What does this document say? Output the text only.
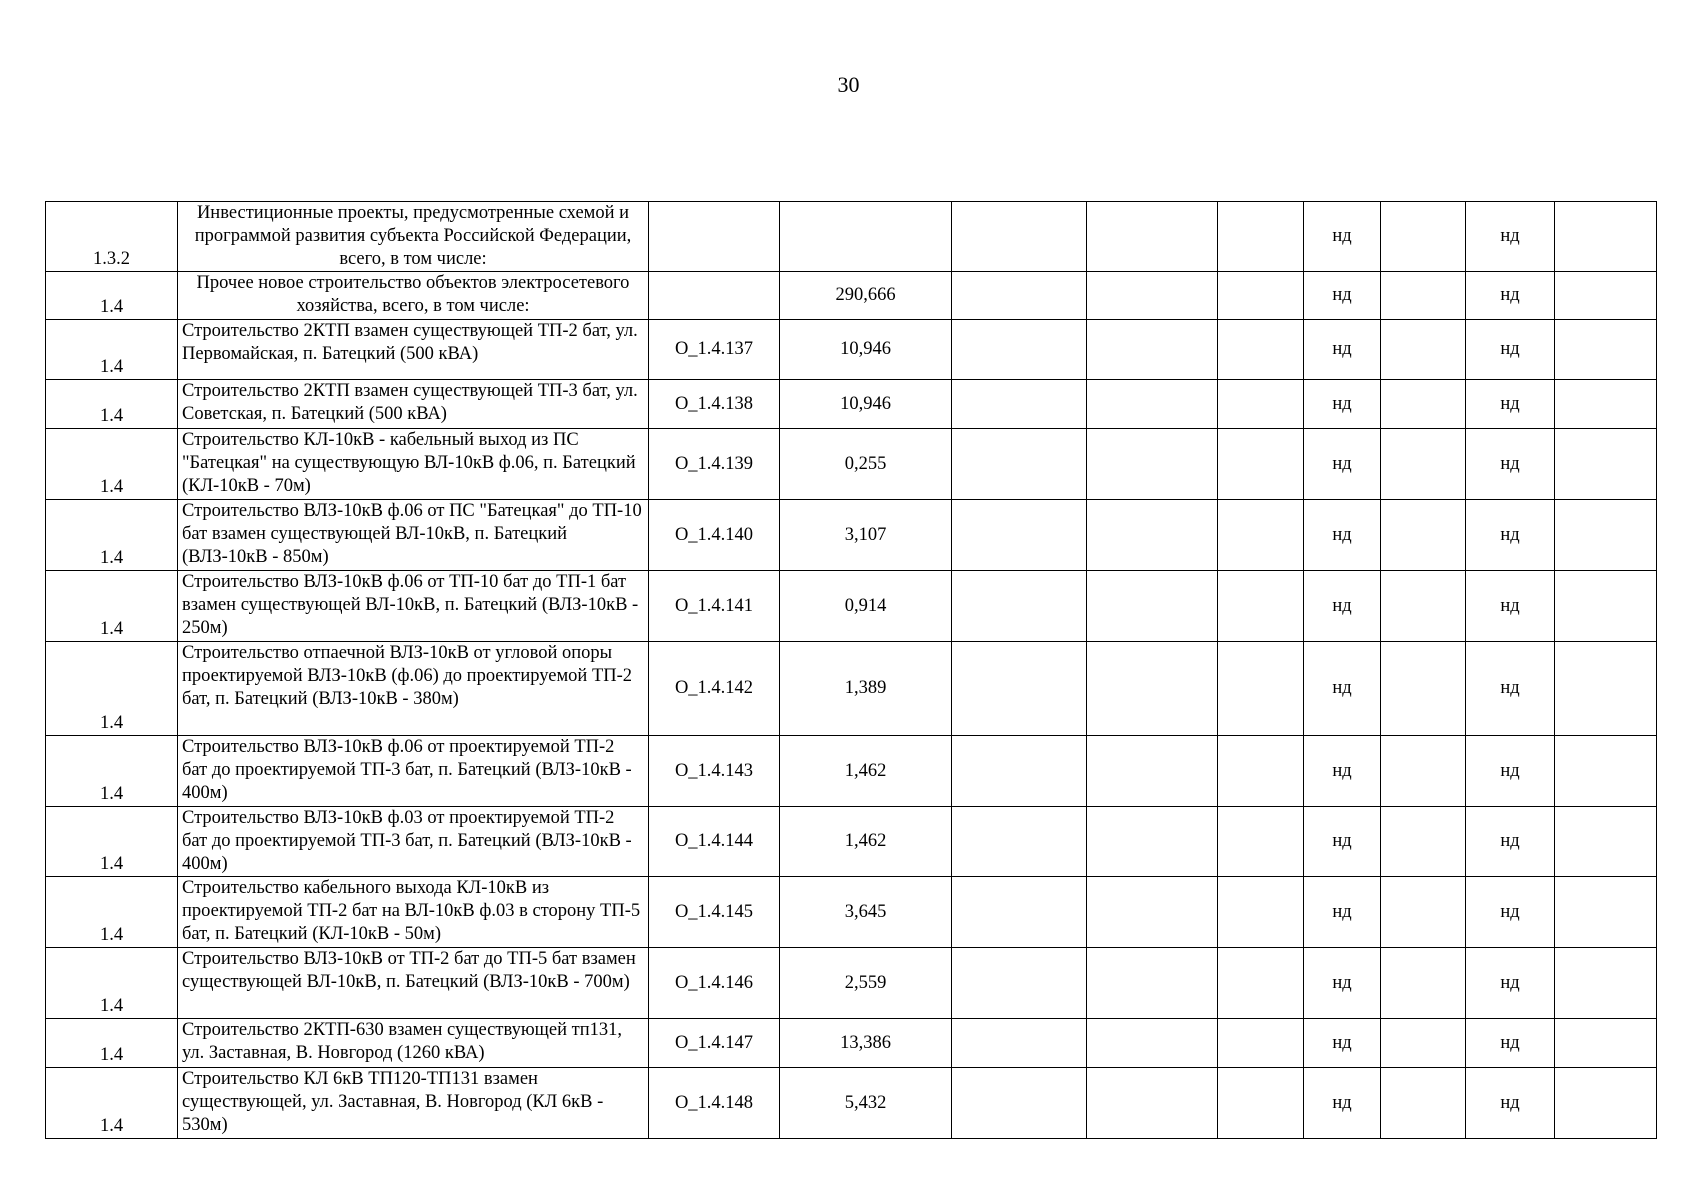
30
1.3.2	Инвестиционные проекты, предусмотренные схемой и программой развития субъекта Российской Федерации, всего, в том числе:						нд		нд	
1.4	Прочее новое строительство объектов электросетевого хозяйства, всего, в том числе:		290,666				нд		нд	
1.4	Строительство 2КТП взамен существующей ТП-2 бат, ул. Первомайская, п. Батецкий (500 кВА)	О_1.4.137	10,946				нд		нд	
1.4	Строительство 2КТП взамен существующей ТП-3 бат, ул. Советская, п. Батецкий (500 кВА)	О_1.4.138	10,946				нд		нд	
1.4	Строительство КЛ-10кВ - кабельный выход из ПС "Батецкая" на существующую ВЛ-10кВ ф.06, п. Батецкий (КЛ-10кВ - 70м)	О_1.4.139	0,255				нд		нд	
1.4	Строительство ВЛЗ-10кВ ф.06 от ПС "Батецкая" до ТП-10 бат взамен существующей ВЛ-10кВ, п. Батецкий (ВЛЗ-10кВ - 850м)	О_1.4.140	3,107				нд		нд	
1.4	Строительство ВЛЗ-10кВ ф.06 от ТП-10 бат до ТП-1 бат взамен существующей ВЛ-10кВ, п. Батецкий (ВЛЗ-10кВ - 250м)	О_1.4.141	0,914				нд		нд	
1.4	Строительство отпаечной ВЛЗ-10кВ от угловой опоры проектируемой ВЛЗ-10кВ (ф.06) до проектируемой ТП-2 бат, п. Батецкий (ВЛЗ-10кВ - 380м)	О_1.4.142	1,389				нд		нд	
1.4	Строительство ВЛЗ-10кВ ф.06 от проектируемой ТП-2 бат до проектируемой ТП-3 бат, п. Батецкий (ВЛЗ-10кВ - 400м)	О_1.4.143	1,462				нд		нд	
1.4	Строительство ВЛЗ-10кВ ф.03 от проектируемой ТП-2 бат до проектируемой ТП-3 бат, п. Батецкий (ВЛЗ-10кВ - 400м)	О_1.4.144	1,462				нд		нд	
1.4	Строительство кабельного выхода КЛ-10кВ из проектируемой ТП-2 бат на ВЛ-10кВ ф.03 в сторону ТП-5 бат, п. Батецкий (КЛ-10кВ - 50м)	О_1.4.145	3,645				нд		нд	
1.4	Строительство ВЛЗ-10кВ от ТП-2 бат до ТП-5 бат взамен существующей ВЛ-10кВ, п. Батецкий (ВЛЗ-10кВ - 700м)	О_1.4.146	2,559				нд		нд	
1.4	Строительство 2КТП-630 взамен существующей тп131, ул. Заставная, В. Новгород (1260 кВА)	О_1.4.147	13,386				нд		нд	
1.4	Строительство КЛ 6кВ ТП120-ТП131 взамен существующей, ул. Заставная, В. Новгород (КЛ 6кВ - 530м)	О_1.4.148	5,432				нд		нд	
